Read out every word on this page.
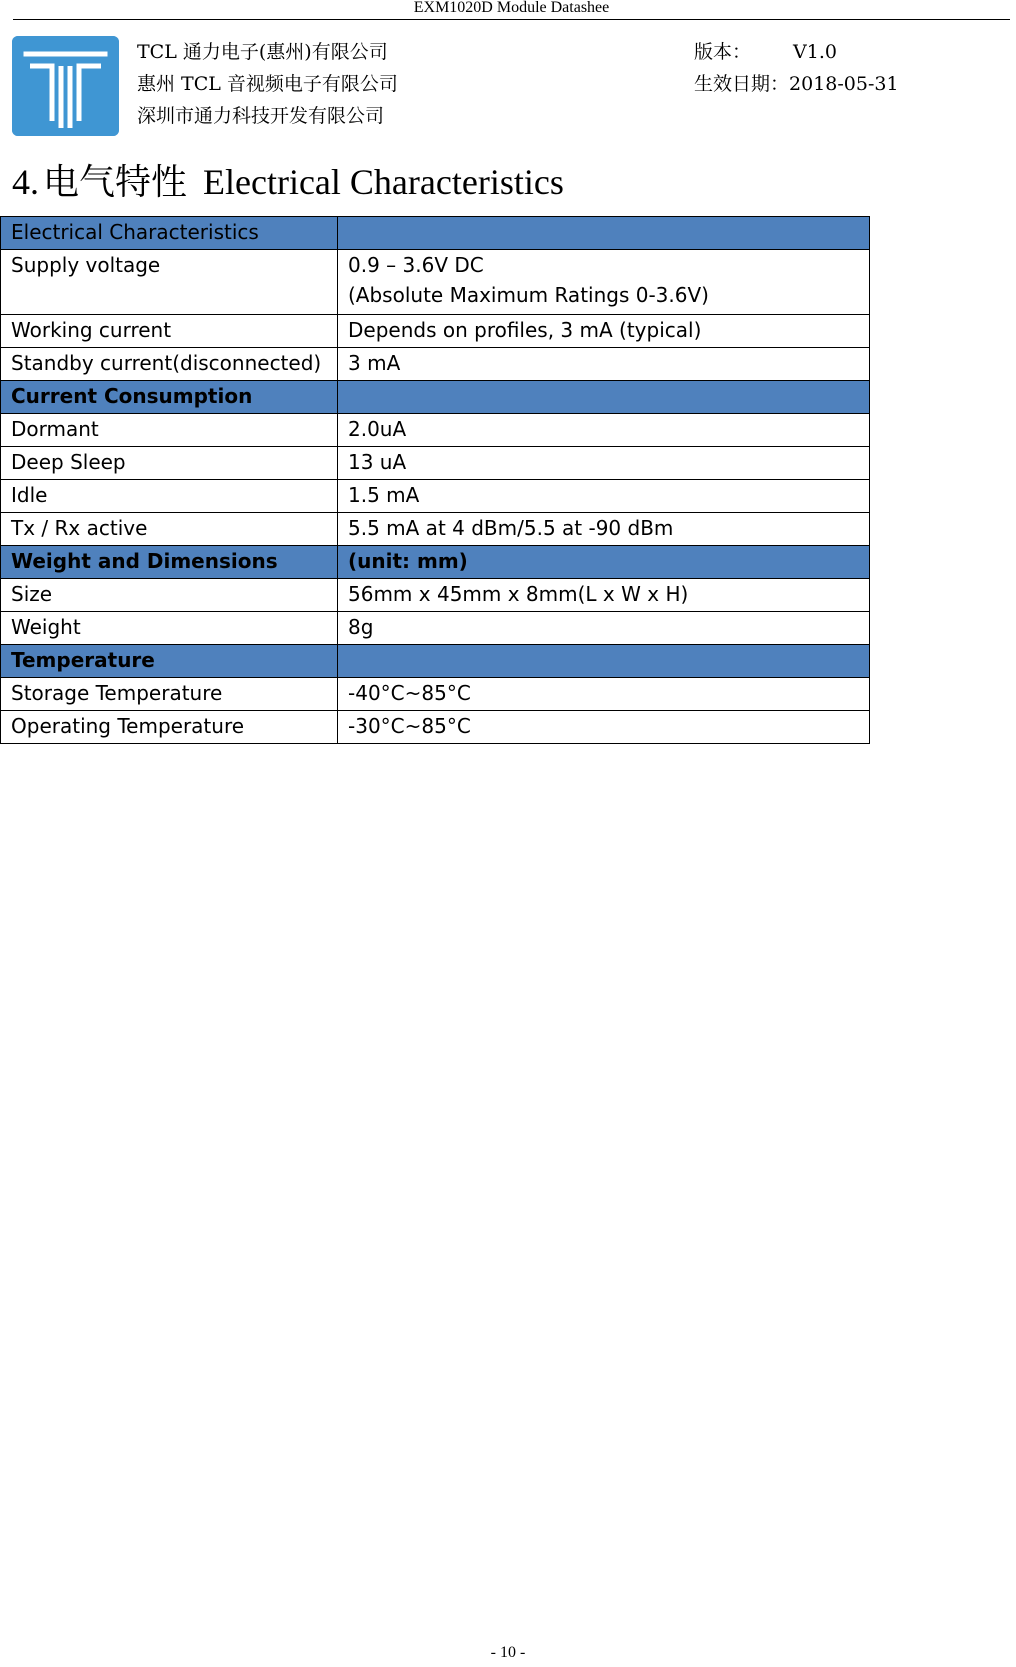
EXM1020D Module Datashee
TCL 通力电子(惠州)有限公司
惠州 TCL 音视频电子有限公司
深圳市通力科技开发有限公司
版本： V1.0
生效日期： 2018-05-31
4. 电气特性 Electrical Characteristics
Electrical Characteristics	
Supply voltage	0.9 – 3.6V DC
(Absolute Maximum Ratings 0-3.6V)

Working current	Depends on profiles, 3 mA (typical)
Standby current(disconnected)	3 mA
Current Consumption	
Dormant	2.0uA
Deep Sleep	13 uA
Idle	1.5 mA
Tx / Rx active	5.5 mA at 4 dBm/5.5 at -90 dBm
Weight and Dimensions	(unit: mm)
Size	56mm x 45mm x 8mm(L x W x H)
Weight	8g
Temperature	
Storage Temperature	-40°C~85°C
Operating Temperature	-30°C~85°C
- 10 -
